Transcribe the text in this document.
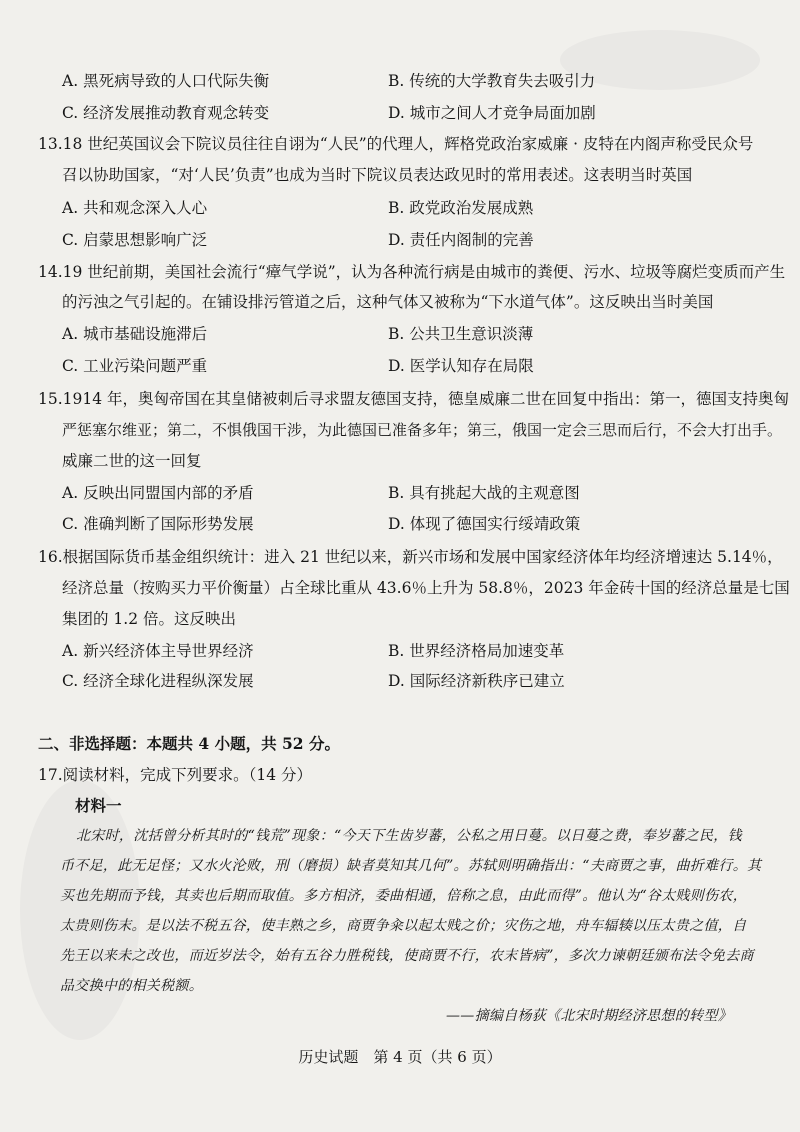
A. 黑死病导致的人口代际失衡	B. 传统的大学教育失去吸引力
C. 经济发展推动教育观念转变	D. 城市之间人才竞争局面加剧
13.18 世纪英国议会下院议员往往自诩为“人民”的代理人，辉格党政治家威廉 · 皮特在内阁声称受民众号
召以协助国家，“对‘人民’负责”也成为当时下院议员表达政见时的常用表述。这表明当时英国
A. 共和观念深入人心	B. 政党政治发展成熟
C. 启蒙思想影响广泛	D. 责任内阁制的完善
14.19 世纪前期，美国社会流行“瘴气学说”，认为各种流行病是由城市的粪便、污水、垃圾等腐烂变质而产生
的污浊之气引起的。在铺设排污管道之后，这种气体又被称为“下水道气体”。这反映出当时美国
A. 城市基础设施滞后	B. 公共卫生意识淡薄
C. 工业污染问题严重	D. 医学认知存在局限
15.1914 年，奥匈帝国在其皇储被刺后寻求盟友德国支持，德皇威廉二世在回复中指出：第一，德国支持奥匈
严惩塞尔维亚；第二，不惧俄国干涉，为此德国已准备多年；第三，俄国一定会三思而后行，不会大打出手。
威廉二世的这一回复
A. 反映出同盟国内部的矛盾	B. 具有挑起大战的主观意图
C. 准确判断了国际形势发展	D. 体现了德国实行绥靖政策
16.根据国际货币基金组织统计：进入 21 世纪以来，新兴市场和发展中国家经济体年均经济增速达 5.14％，
经济总量（按购买力平价衡量）占全球比重从 43.6％上升为 58.8％，2023 年金砖十国的经济总量是七国
集团的 1.2 倍。这反映出
A. 新兴经济体主导世界经济	B. 世界经济格局加速变革
C. 经济全球化进程纵深发展	D. 国际经济新秩序已建立
二、非选择题：本题共 4 小题，共 52 分。
17.阅读材料，完成下列要求。（14 分）
材料一
北宋时，沈括曾分析其时的“钱荒”现象：“今天下生齿岁蕃，公私之用日蔓。以日蔓之费，奉岁蕃之民，钱
币不足，此无足怪；又水火沦败，刑（磨损）缺者莫知其几何”。苏轼则明确指出：“夫商贾之事，曲折难行。其
买也先期而予钱，其卖也后期而取值。多方相济，委曲相通，倍称之息，由此而得”。他认为“谷太贱则伤农，
太贵则伤末。是以法不税五谷，使丰熟之乡，商贾争籴以起太贱之价；灾伤之地，舟车辐辏以压太贵之值，自
先王以来未之改也，而近岁法令，始有五谷力胜税钱，使商贾不行，农末皆病”，多次力谏朝廷颁布法令免去商
品交换中的相关税额。
——摘编自杨荻《北宋时期经济思想的转型》
历史试题　第 4 页（共 6 页）
